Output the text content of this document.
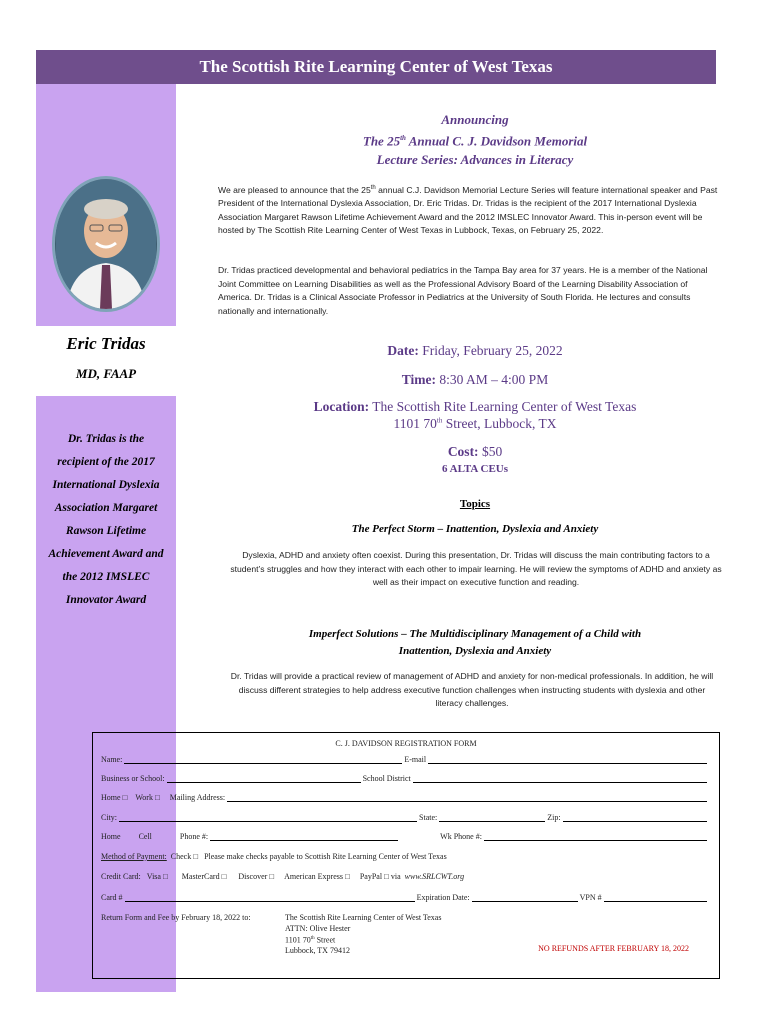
The Scottish Rite Learning Center of West Texas
Eric Tridas
MD, FAAP
Dr. Tridas is the
recipient of the 2017
International Dyslexia
Association Margaret
Rawson Lifetime
Achievement Award and
the 2012 IMSLEC
Innovator Award
Announcing
The 25th Annual C. J. Davidson Memorial
Lecture Series: Advances in Literacy
We are pleased to announce that the 25th annual C.J. Davidson Memorial Lecture Series will feature international speaker and Past President of the International Dyslexia Association, Dr. Eric Tridas. Dr. Tridas is the recipient of the 2017 International Dyslexia Association Margaret Rawson Lifetime Achievement Award and the 2012 IMSLEC Innovator Award. This in-person event will be hosted by The Scottish Rite Learning Center of West Texas in Lubbock, Texas, on February 25, 2022.
Dr. Tridas practiced developmental and behavioral pediatrics in the Tampa Bay area for 37 years. He is a member of the National Joint Committee on Learning Disabilities as well as the Professional Advisory Board of the Learning Disability Association of America. Dr. Tridas is a Clinical Associate Professor in Pediatrics at the University of South Florida. He lectures and consults nationally and internationally.
Date: Friday, February 25, 2022
Time: 8:30 AM – 4:00 PM
Location: The Scottish Rite Learning Center of West Texas
1101 70th Street, Lubbock, TX
Cost: $50
6 ALTA CEUs
Topics
The Perfect Storm – Inattention, Dyslexia and Anxiety
Dyslexia, ADHD and anxiety often coexist. During this presentation, Dr. Tridas will discuss the main contributing factors to a student’s struggles and how they interact with each other to impair learning. He will review the symptoms of ADHD and anxiety as well as their impact on executive function and reading.
Imperfect Solutions – The Multidisciplinary Management of a Child with
Inattention, Dyslexia and Anxiety
Dr. Tridas will provide a practical review of management of ADHD and anxiety for non-medical professionals. In addition, he will discuss different strategies to help address executive function challenges when instructing students with dyslexia and other literacy challenges.
C. J. DAVIDSON REGISTRATION FORM
Name:	E-mail
Business or School:	School District
Home □ Work □ Mailing Address:
City:	State:	Zip:
Home Cell	Phone #:	Wk Phone #:
Method of Payment: Check □ Please make checks payable to Scottish Rite Learning Center of West Texas
Credit Card: Visa □ MasterCard □ Discover □ American Express □ PayPal □ via www.SRLCWT.org
Card #	Expiration Date:	VPN #
Return Form and Fee by February 18, 2022 to:	The Scottish Rite Learning Center of West Texas
ATTN: Olive Hester
1101 70th Street
Lubbock, TX 79412	NO REFUNDS AFTER FEBRUARY 18, 2022
